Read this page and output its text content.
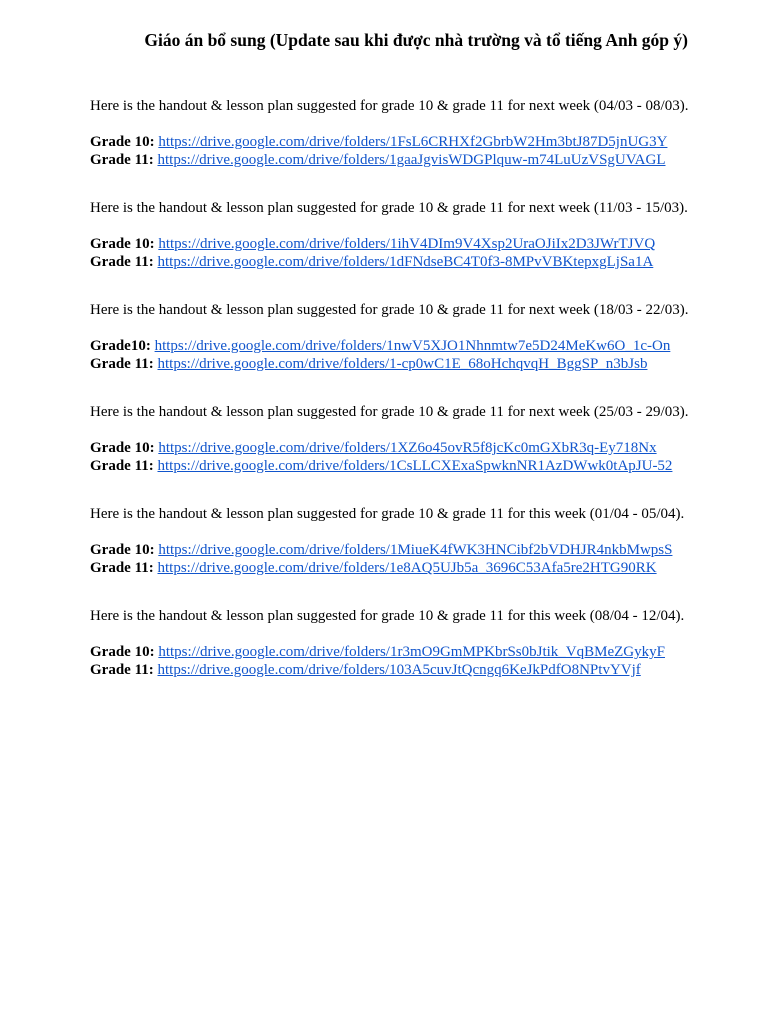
Giáo án bổ sung (Update sau khi được nhà trường và tổ tiếng Anh góp ý)
Here is the handout & lesson plan suggested for grade 10 & grade 11 for next week (04/03 - 08/03).
Grade 10: https://drive.google.com/drive/folders/1FsL6CRHXf2GbrbW2Hm3btJ87D5jnUG3Y
Grade 11: https://drive.google.com/drive/folders/1gaaJgvisWDGPlquw-m74LuUzVSgUVAGL
Here is the handout & lesson plan suggested for grade 10 & grade 11 for next week (11/03 - 15/03).
Grade 10: https://drive.google.com/drive/folders/1ihV4DIm9V4Xsp2UraOJiIx2D3JWrTJVQ
Grade 11: https://drive.google.com/drive/folders/1dFNdseBC4T0f3-8MPvVBKtepxgLjSa1A
Here is the handout & lesson plan suggested for grade 10 & grade 11 for next week (18/03 - 22/03).
Grade10: https://drive.google.com/drive/folders/1nwV5XJO1Nhnmtw7e5D24MeKw6O_1c-On
Grade 11: https://drive.google.com/drive/folders/1-cp0wC1E_68oHchqvqH_BggSP_n3bJsb
Here is the handout & lesson plan suggested for grade 10 & grade 11 for next week (25/03 - 29/03).
Grade 10: https://drive.google.com/drive/folders/1XZ6o45ovR5f8jcKc0mGXbR3q-Ey718Nx
Grade 11: https://drive.google.com/drive/folders/1CsLLCXExaSpwknNR1AzDWwk0tApJU-52
Here is the handout & lesson plan suggested for grade 10 & grade 11 for this week (01/04 - 05/04).
Grade 10: https://drive.google.com/drive/folders/1MiueK4fWK3HNCibf2bVDHJR4nkbMwpsS
Grade 11: https://drive.google.com/drive/folders/1e8AQ5UJb5a_3696C53Afa5re2HTG90RK
Here is the handout & lesson plan suggested for grade 10 & grade 11 for this week (08/04 - 12/04).
Grade 10: https://drive.google.com/drive/folders/1r3mO9GmMPKbrSs0bJtik_VqBMeZGykyF
Grade 11: https://drive.google.com/drive/folders/103A5cuvJtQcngq6KeJkPdfO8NPtvYVjf
